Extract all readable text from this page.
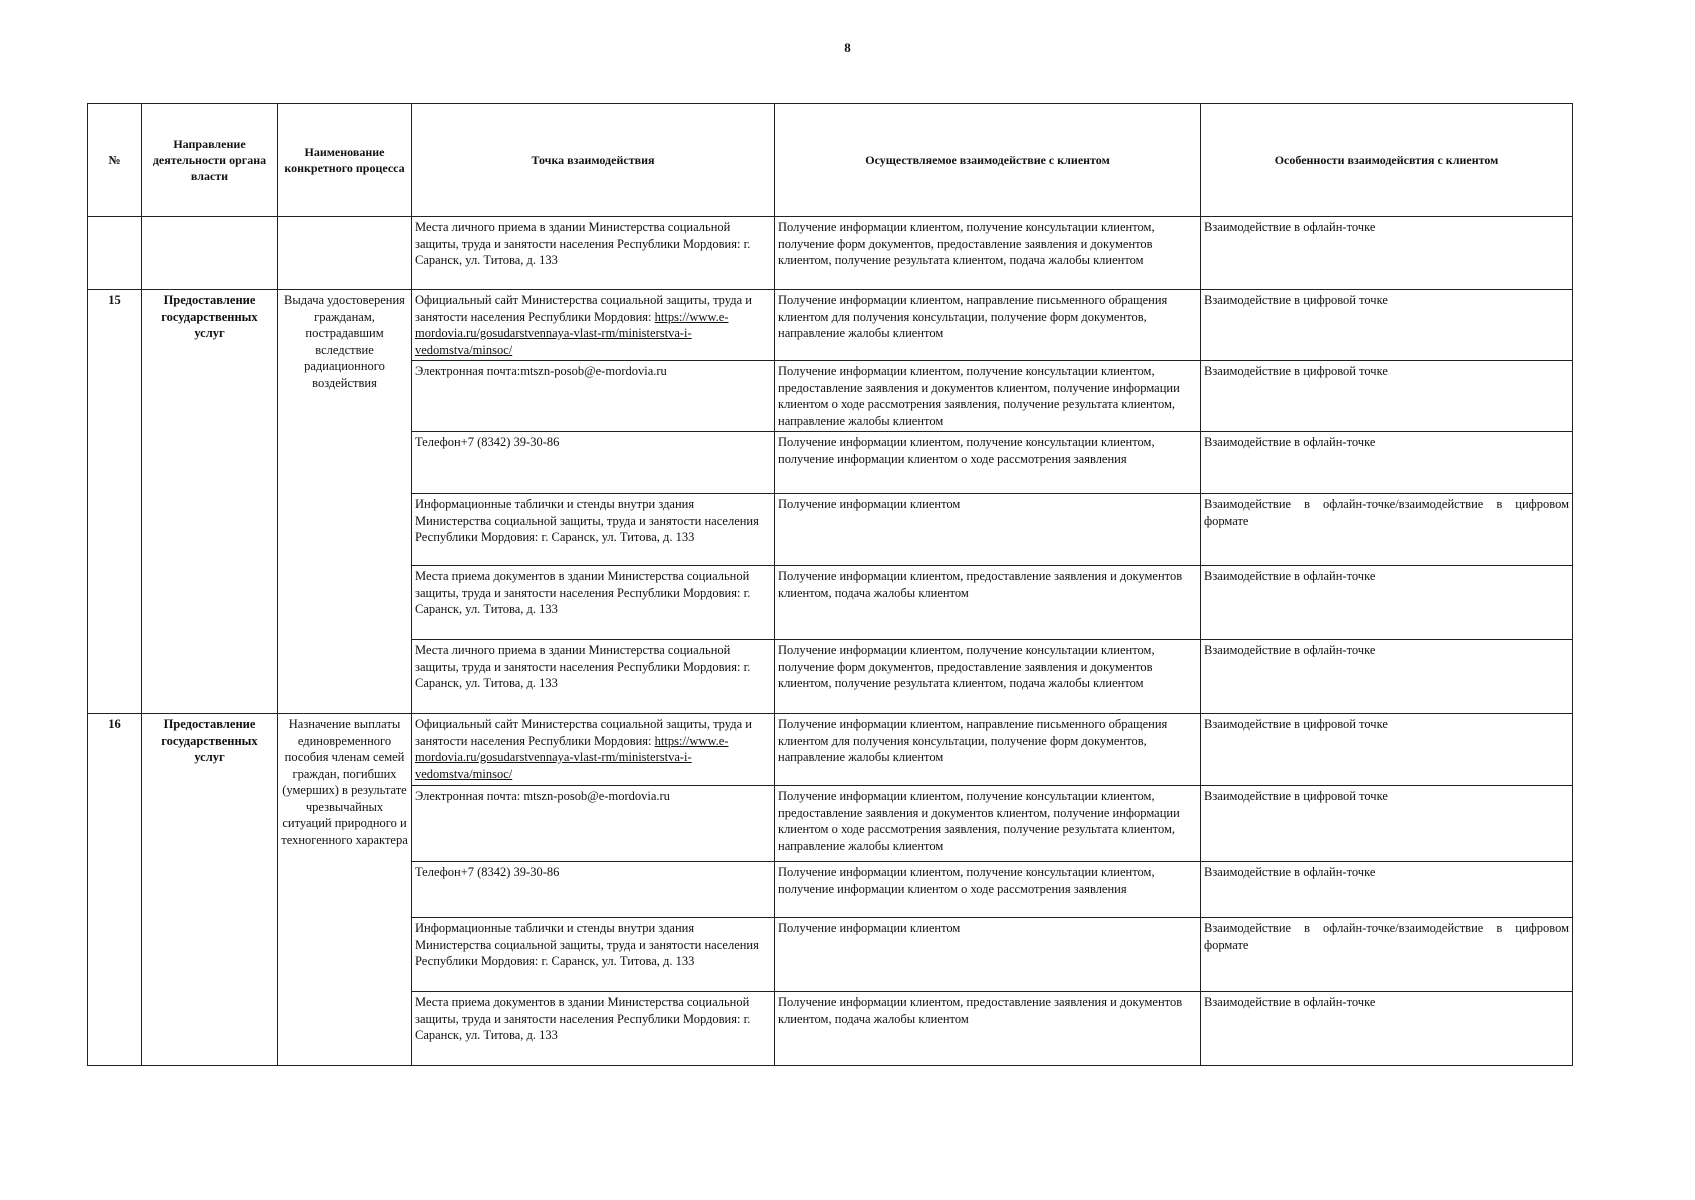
8
№	Направление деятельности органа власти	Наименование конкретного процесса	Точка взаимодействия	Осуществляемое взаимодействие с клиентом	Особенности взаимодейсвтия с клиентом
			Места личного приема в здании Министерства социальной защиты, труда и занятости населения Республики Мордовия: г. Саранск, ул. Титова, д. 133	Получение информации клиентом, получение консультации клиентом, получение форм документов, предоставление заявления и документов клиентом, получение результата клиентом, подача жалобы клиентом	Взаимодействие в офлайн-точке
15	Предоставление государственных услуг	Выдача удостоверения гражданам, пострадавшим вследствие радиационного воздействия	Официальный сайт Министерства социальной защиты, труда и занятости населения Республики Мордовия: https://www.e-mordovia.ru/gosudarstvennaya-vlast-rm/ministerstva-i-vedomstva/minsoc/	Получение информации клиентом, направление письменного обращения клиентом для получения консультации, получение форм документов, направление жалобы клиентом	Взаимодействие в цифровой точке
			Электронная почта:mtszn-posob@e-mordovia.ru	Получение информации клиентом, получение консультации клиентом, предоставление заявления и документов клиентом, получение информации клиентом о ходе рассмотрения заявления, получение результата клиентом, направление жалобы клиентом	Взаимодействие в цифровой точке
			Телефон+7 (8342) 39-30-86	Получение информации клиентом, получение консультации клиентом, получение информации клиентом о ходе рассмотрения заявления	Взаимодействие в офлайн-точке
			Информационные таблички и стенды внутри здания Министерства социальной защиты, труда и занятости населения Республики Мордовия: г. Саранск, ул. Титова, д. 133	Получение информации клиентом	Взаимодействие в офлайн-точке/взаимодействие в цифровом формате
			Места приема документов в здании Министерства социальной защиты, труда и занятости населения Республики Мордовия: г. Саранск, ул. Титова, д. 133	Получение информации клиентом, предоставление заявления и документов клиентом, подача жалобы клиентом	Взаимодействие в офлайн-точке
			Места личного приема в здании Министерства социальной защиты, труда и занятости населения Республики Мордовия: г. Саранск, ул. Титова, д. 133	Получение информации клиентом, получение консультации клиентом, получение форм документов, предоставление заявления и документов клиентом, получение результата клиентом, подача жалобы клиентом	Взаимодействие в офлайн-точке
16	Предоставление государственных услуг	Назначение выплаты единовременного пособия членам семей граждан, погибших (умерших) в результате чрезвычайных ситуаций природного и техногенного характера	Официальный сайт Министерства социальной защиты, труда и занятости населения Республики Мордовия: https://www.e-mordovia.ru/gosudarstvennaya-vlast-rm/ministerstva-i-vedomstva/minsoc/	Получение информации клиентом, направление письменного обращения клиентом для получения консультации, получение форм документов, направление жалобы клиентом	Взаимодействие в цифровой точке
			Электронная почта: mtszn-posob@e-mordovia.ru	Получение информации клиентом, получение консультации клиентом, предоставление заявления и документов клиентом, получение информации клиентом о ходе рассмотрения заявления, получение результата клиентом, направление жалобы клиентом	Взаимодействие в цифровой точке
			Телефон+7 (8342) 39-30-86	Получение информации клиентом, получение консультации клиентом, получение информации клиентом о ходе рассмотрения заявления	Взаимодействие в офлайн-точке
			Информационные таблички и стенды внутри здания Министерства социальной защиты, труда и занятости населения Республики Мордовия: г. Саранск, ул. Титова, д. 133	Получение информации клиентом	Взаимодействие в офлайн-точке/взаимодействие в цифровом формате
			Места приема документов в здании Министерства социальной защиты, труда и занятости населения Республики Мордовия: г. Саранск, ул. Титова, д. 133	Получение информации клиентом, предоставление заявления и документов клиентом, подача жалобы клиентом	Взаимодействие в офлайн-точке
